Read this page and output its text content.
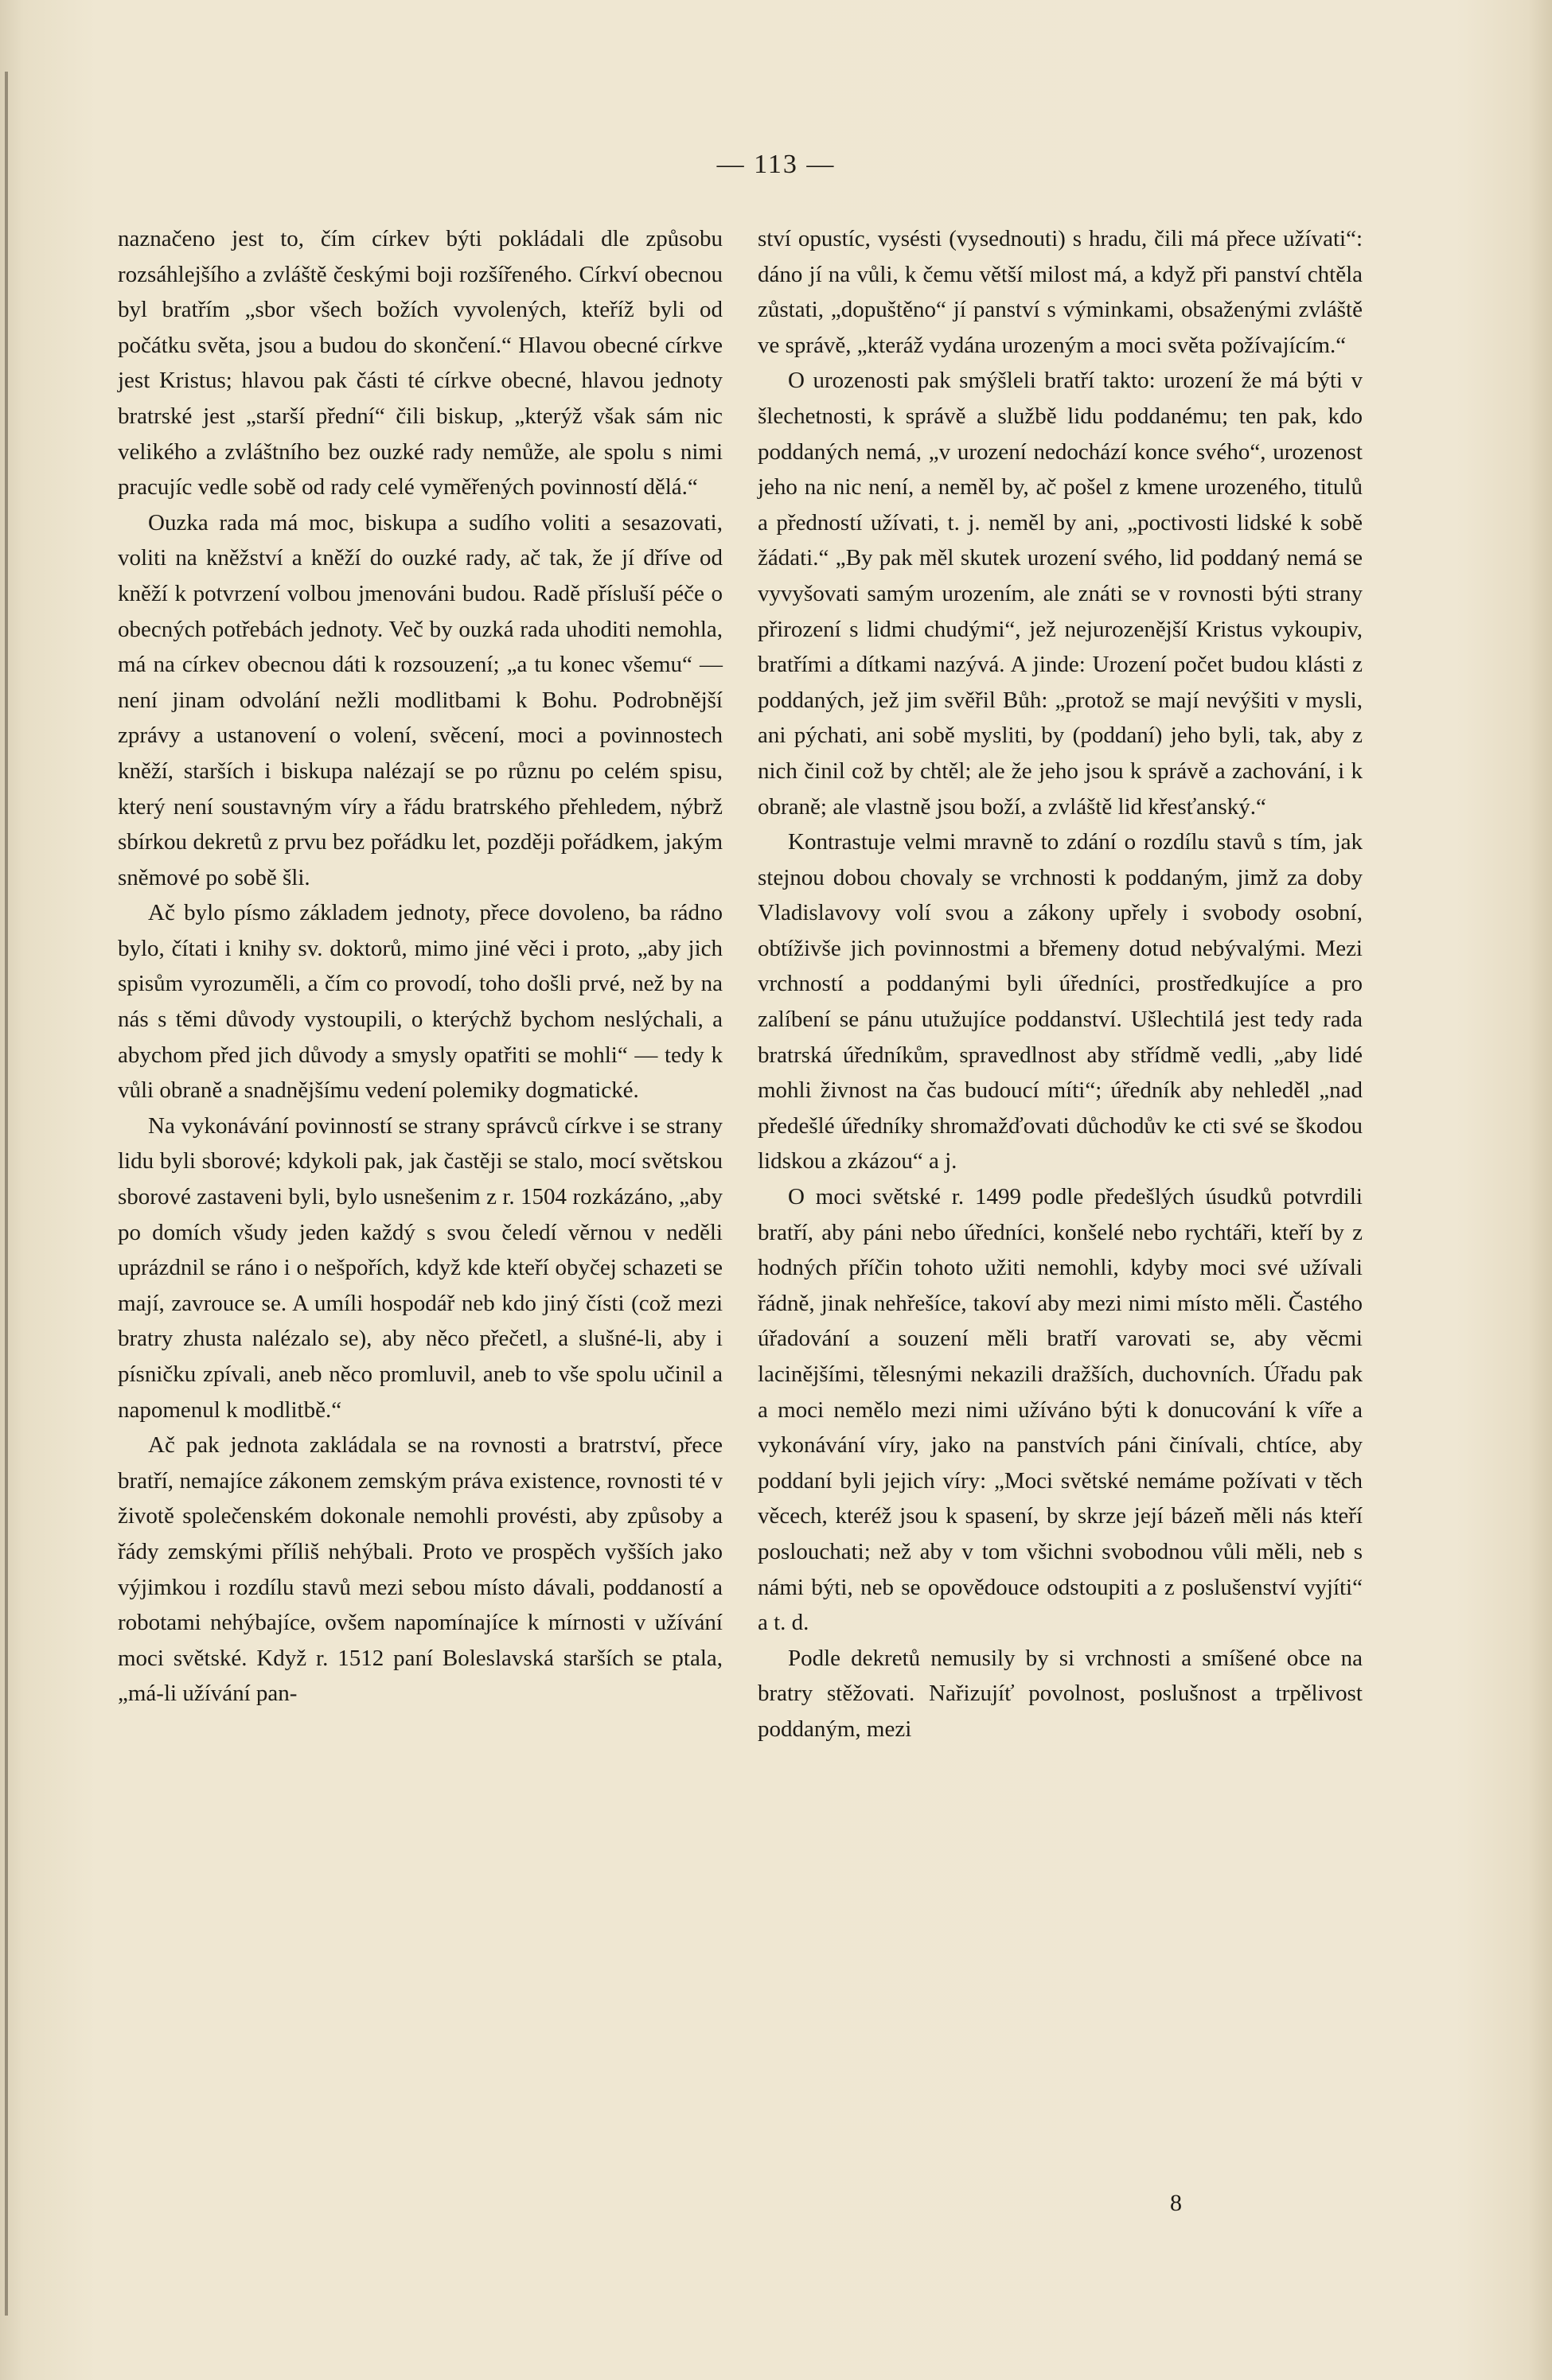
— 113 —

naznačeno jest to, čím církev býti pokládali dle způsobu rozsáhlejšího a zvláště českými boji rozšířeného. Církví obecnou byl bratřím „sbor všech božích vyvolených, kteříž byli od počátku světa, jsou a budou do skončení.“ Hlavou obecné církve jest Kristus; hlavou pak části té církve obecné, hlavou jednoty bratrské jest „starší přední“ čili biskup, „kterýž však sám nic velikého a zvláštního bez ouzké rady nemůže, ale spolu s nimi pracujíc vedle sobě od rady celé vyměřených povinností dělá.“

Ouzka rada má moc, biskupa a sudího voliti a sesazovati, voliti na kněžství a kněží do ouzké rady, ač tak, že jí dříve od kněží k potvrzení volbou jmenováni budou. Radě přísluší péče o obecných potřebách jednoty. Več by ouzká rada uhoditi nemohla, má na církev obecnou dáti k rozsouzení; „a tu konec všemu“ — není jinam odvolání nežli modlitbami k Bohu. Podrobnější zprávy a ustanovení o volení, svěcení, moci a povinnostech kněží, starších i biskupa nalézají se po různu po celém spisu, který není soustavným víry a řádu bratrského přehledem, nýbrž sbírkou dekretů z prvu bez pořádku let, později pořádkem, jakým sněmové po sobě šli.

Ač bylo písmo základem jednoty, přece dovoleno, ba rádno bylo, čítati i knihy sv. doktorů, mimo jiné věci i proto, „aby jich spisům vyrozuměli, a čím co provodí, toho došli prvé, než by na nás s těmi důvody vystoupili, o kterýchž bychom neslýchali, a abychom před jich důvody a smysly opatřiti se mohli“ — tedy k vůli obraně a snadnějšímu vedení polemiky dogmatické.

Na vykonávání povinností se strany správců církve i se strany lidu byli sborové; kdykoli pak, jak častěji se stalo, mocí světskou sborové zastaveni byli, bylo usnešenim z r. 1504 rozkázáno, „aby po domích všudy jeden každý s svou čeledí věrnou v neděli uprázdnil se ráno i o nešpořích, když kde kteří obyčej schazeti se mají, zavrouce se. A umíli hospodář neb kdo jiný čísti (což mezi bratry zhusta nalézalo se), aby něco přečetl, a slušné-li, aby i písničku zpívali, aneb něco promluvil, aneb to vše spolu učinil a napomenul k modlitbě.“

Ač pak jednota zakládala se na rovnosti a bratrství, přece bratří, nemajíce zákonem zemským práva existence, rovnosti té v životě společenském dokonale nemohli provésti, aby způsoby a řády zemskými příliš nehýbali. Proto ve prospěch vyšších jako výjimkou i rozdílu stavů mezi sebou místo dávali, poddaností a robotami nehýbajíce, ovšem napomínajíce k mírnosti v užívání moci světské. Když r. 1512 paní Boleslavská starších se ptala, „má-li užívání pan-

ství opustíc, vysésti (vysednouti) s hradu, čili má přece užívati“: dáno jí na vůli, k čemu větší milost má, a když při panství chtěla zůstati, „dopuštěno“ jí panství s výminkami, obsaženými zvláště ve správě, „kteráž vydána urozeným a moci světa požívajícím.“

O urozenosti pak smýšleli bratří takto: urození že má býti v šlechetnosti, k správě a službě lidu poddanému; ten pak, kdo poddaných nemá, „v urození nedochází konce svého“, urozenost jeho na nic není, a neměl by, ač pošel z kmene urozeného, titulů a předností užívati, t. j. neměl by ani, „poctivosti lidské k sobě žádati.“ „By pak měl skutek urození svého, lid poddaný nemá se vyvyšovati samým urozením, ale znáti se v rovnosti býti strany přirození s lidmi chudými“, jež nejurozenější Kristus vykoupiv, bratřími a dítkami nazývá. A jinde: Urození počet budou klásti z poddaných, jež jim svěřil Bůh: „protož se mají nevýšiti v mysli, ani pýchati, ani sobě mysliti, by (poddaní) jeho byli, tak, aby z nich činil což by chtěl; ale že jeho jsou k správě a zachování, i k obraně; ale vlastně jsou boží, a zvláště lid křesťanský.“

Kontrastuje velmi mravně to zdání o rozdílu stavů s tím, jak stejnou dobou chovaly se vrchnosti k poddaným, jimž za doby Vladislavovy volí svou a zákony upřely i svobody osobní, obtíživše jich povinnostmi a břemeny dotud nebývalými. Mezi vrchností a poddanými byli úředníci, prostředkujíce a pro zalíbení se pánu utužujíce poddanství. Ušlechtilá jest tedy rada bratrská úředníkům, spravedlnost aby střídmě vedli, „aby lidé mohli živnost na čas budoucí míti“; úředník aby nehleděl „nad předešlé úředníky shromažďovati důchodův ke cti své se škodou lidskou a zkázou“ a j.

O moci světské r. 1499 podle předešlých úsudků potvrdili bratří, aby páni nebo úředníci, konšelé nebo rychtáři, kteří by z hodných příčin tohoto užiti nemohli, kdyby moci své užívali řádně, jinak nehřešíce, takoví aby mezi nimi místo měli. Častého úřadování a souzení měli bratří varovati se, aby věcmi lacinějšími, tělesnými nekazili dražších, duchovních. Úřadu pak a moci nemělo mezi nimi užíváno býti k donucování k víře a vykonávání víry, jako na panstvích páni činívali, chtíce, aby poddaní byli jejich víry: „Moci světské nemáme požívati v těch věcech, kteréž jsou k spasení, by skrze její bázeň měli nás kteří poslouchati; než aby v tom všichni svobodnou vůli měli, neb s námi býti, neb se opovědouce odstoupiti a z poslušenství vyjíti“ a t. d.

Podle dekretů nemusily by si vrchnosti a smíšené obce na bratry stěžovati. Nařizujíť povolnost, poslušnost a trpělivost poddaným, mezi

8
